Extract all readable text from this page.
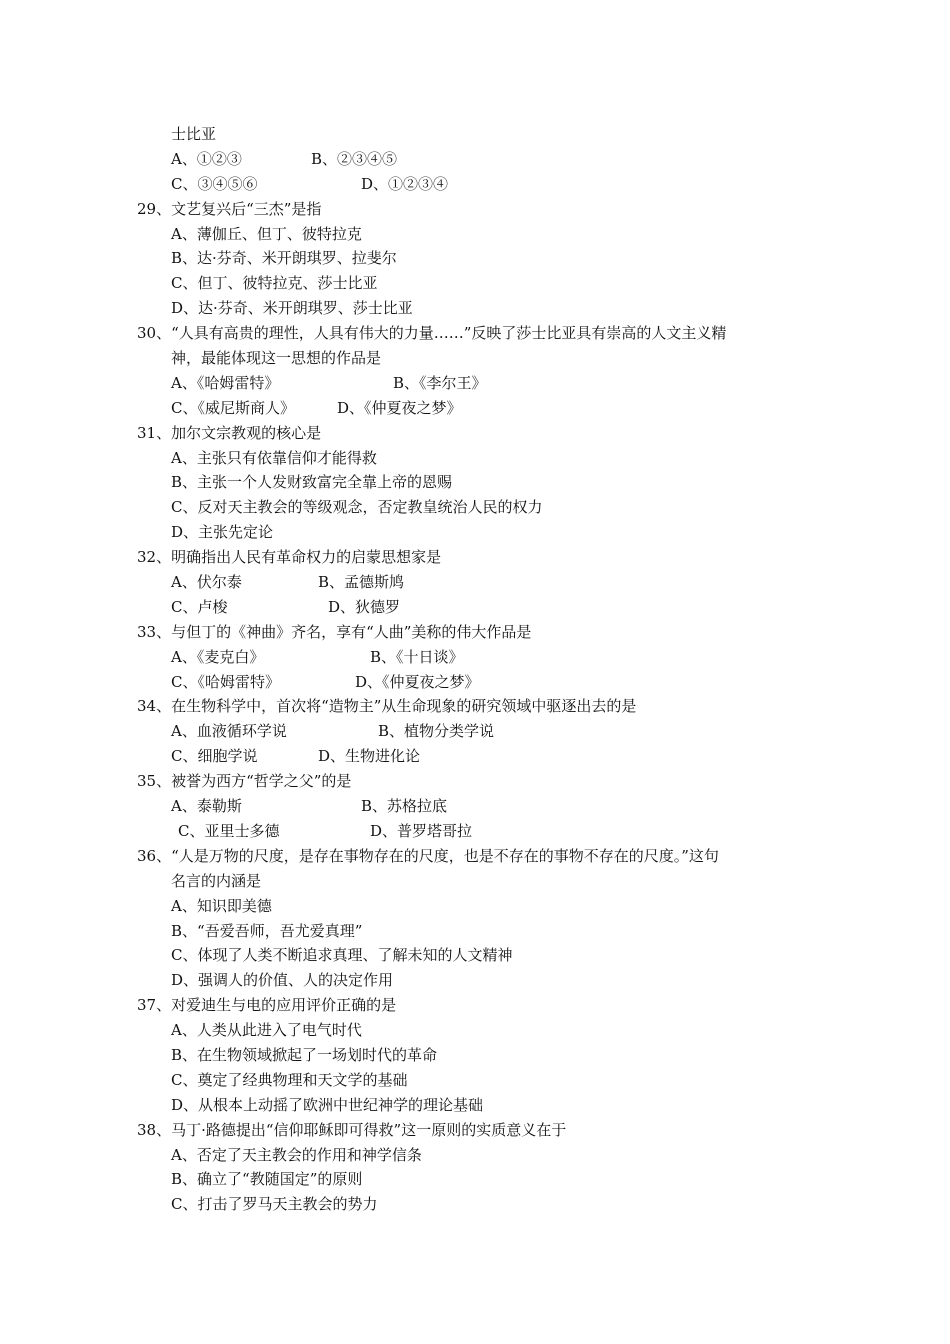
士比亚
A、①②③	B、②③④⑤
C、③④⑤⑥	D、①②③④
29、文艺复兴后“三杰”是指
A、薄伽丘、但丁、彼特拉克
B、达·芬奇、米开朗琪罗、拉斐尔
C、但丁、彼特拉克、莎士比亚
D、达·芬奇、米开朗琪罗、莎士比亚
30、“人具有高贵的理性，人具有伟大的力量……”反映了莎士比亚具有崇高的人文主义精
神，最能体现这一思想的作品是
A、《哈姆雷特》	B、《李尔王》
C、《威尼斯商人》	D、《仲夏夜之梦》
31、加尔文宗教观的核心是
A、主张只有依靠信仰才能得救
B、主张一个人发财致富完全靠上帝的恩赐
C、反对天主教会的等级观念，否定教皇统治人民的权力
D、主张先定论
32、明确指出人民有革命权力的启蒙思想家是
A、伏尔泰	B、孟德斯鸠
C、卢梭	D、狄德罗
33、与但丁的《神曲》齐名，享有“人曲”美称的伟大作品是
A、《麦克白》	B、《十日谈》
C、《哈姆雷特》	D、《仲夏夜之梦》
34、在生物科学中，首次将“造物主”从生命现象的研究领域中驱逐出去的是
A、血液循环学说	B、植物分类学说
C、细胞学说	D、生物进化论
35、被誉为西方“哲学之父”的是
A、泰勒斯	B、苏格拉底
C、亚里士多德	D、普罗塔哥拉
36、“人是万物的尺度，是存在事物存在的尺度，也是不存在的事物不存在的尺度。”这句
名言的内涵是
A、知识即美德
B、“吾爱吾师，吾尤爱真理”
C、体现了人类不断追求真理、了解未知的人文精神
D、强调人的价值、人的决定作用
37、对爱迪生与电的应用评价正确的是
A、人类从此进入了电气时代
B、在生物领域掀起了一场划时代的革命
C、奠定了经典物理和天文学的基础
D、从根本上动摇了欧洲中世纪神学的理论基础
38、马丁·路德提出“信仰耶稣即可得救”这一原则的实质意义在于
A、否定了天主教会的作用和神学信条
B、确立了“教随国定”的原则
C、打击了罗马天主教会的势力
